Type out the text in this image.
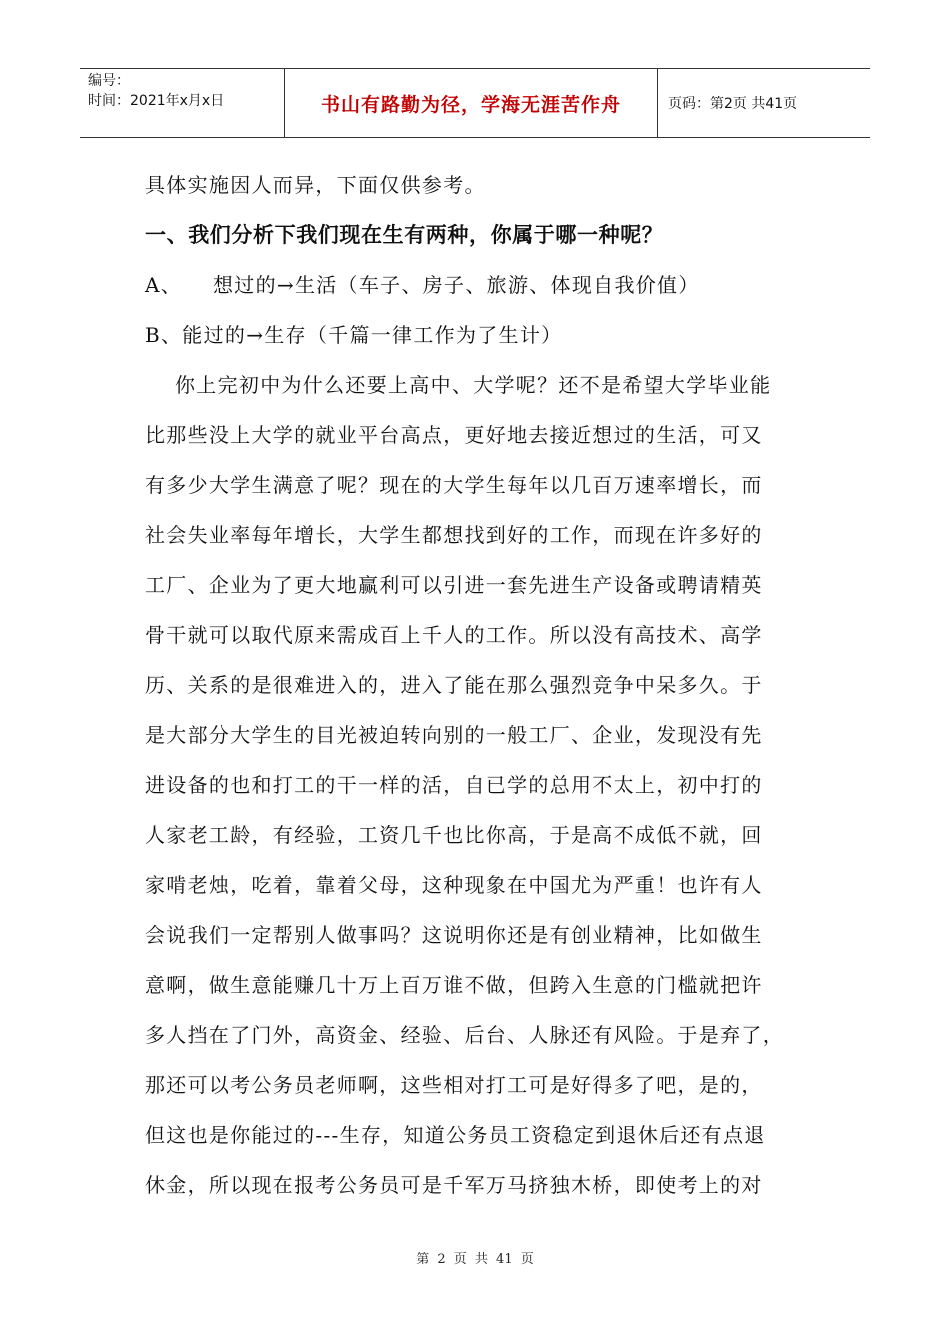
编号：
时间：2021年x月x日	书山有路勤为径，学海无涯苦作舟	页码：第2页 共41页
具体实施因人而异，下面仅供参考。
一、我们分析下我们现在生有两种，你属于哪一种呢？
A、	想过的→生活（车子、房子、旅游、体现自我价值）
B、能过的→生存（千篇一律工作为了生计）
你上完初中为什么还要上高中、大学呢？还不是希望大学毕业能
比那些没上大学的就业平台高点，更好地去接近想过的生活，可又
有多少大学生满意了呢？现在的大学生每年以几百万速率增长，而
社会失业率每年增长，大学生都想找到好的工作，而现在许多好的
工厂、企业为了更大地赢利可以引进一套先进生产设备或聘请精英
骨干就可以取代原来需成百上千人的工作。所以没有高技术、高学
历、关系的是很难进入的，进入了能在那么强烈竞争中呆多久。于
是大部分大学生的目光被迫转向别的一般工厂、企业，发现没有先
进设备的也和打工的干一样的活，自已学的总用不太上，初中打的
人家老工龄，有经验，工资几千也比你高，于是高不成低不就，回
家啃老烛，吃着，靠着父母，这种现象在中国尤为严重！也许有人
会说我们一定帮别人做事吗？这说明你还是有创业精神，比如做生
意啊，做生意能赚几十万上百万谁不做，但跨入生意的门槛就把许
多人挡在了门外，高资金、经验、后台、人脉还有风险。于是弃了，
那还可以考公务员老师啊，这些相对打工可是好得多了吧，是的，
但这也是你能过的---生存，知道公务员工资稳定到退休后还有点退
休金，所以现在报考公务员可是千军万马挤独木桥，即使考上的对
第 2 页 共 41 页
